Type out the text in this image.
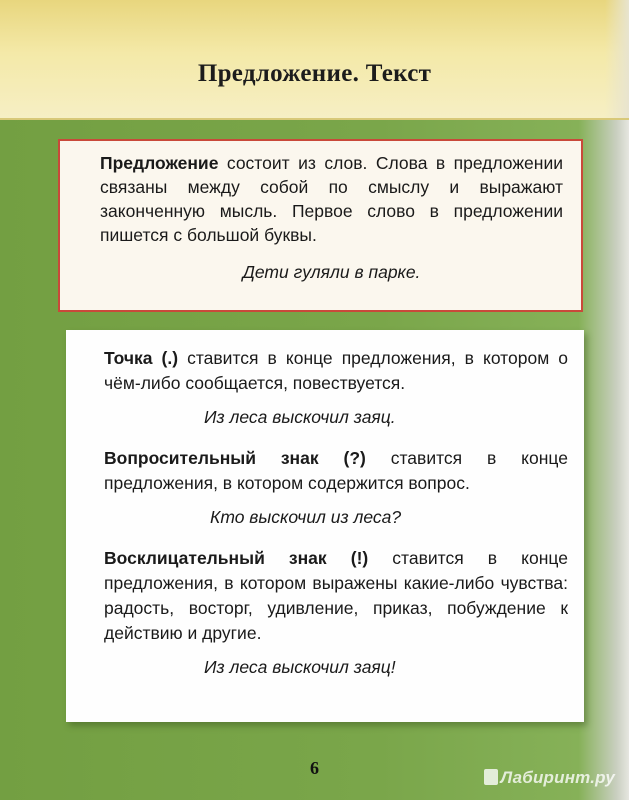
Предложение. Текст

Предложение состоит из слов. Слова в предложении связаны между собой по смыслу и выражают законченную мысль. Первое слово в предложении пишется с большой буквы.

Дети гуляли в парке.

Точка (.) ставится в конце предложения, в котором о чём-либо сообщается, повествуется.

Из леса выскочил заяц.

Вопросительный знак (?) ставится в конце предложения, в котором содержится вопрос.

Кто выскочил из леса?

Восклицательный знак (!) ставится в конце предложения, в котором выражены какие-либо чувства: радость, восторг, удивление, приказ, побуждение к действию и другие.

Из леса выскочил заяц!
6	Лабиринт.ру
